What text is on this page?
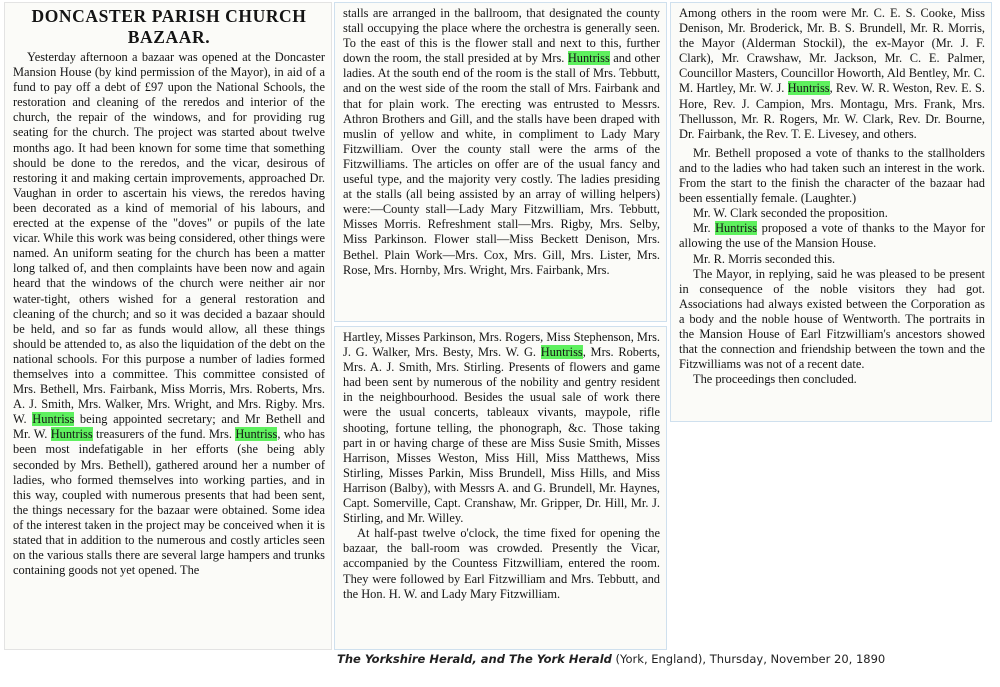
DONCASTER PARISH CHURCH

BAZAAR.

Yesterday afternoon a bazaar was opened at the Doncaster Mansion House (by kind permission of the Mayor), in aid of a fund to pay off a debt of £97 upon the National Schools, the restoration and cleaning of the reredos and interior of the church, the repair of the windows, and for providing rug seating for the church. The project was started about twelve months ago. It had been known for some time that something should be done to the reredos, and the vicar, desirous of restoring it and making certain improvements, approached Dr. Vaughan in order to ascertain his views, the reredos having been decorated as a kind of memorial of his labours, and erected at the expense of the "doves" or pupils of the late vicar. While this work was being considered, other things were named. An uniform seating for the church has been a matter long talked of, and then complaints have been now and again heard that the windows of the church were neither air nor water-tight, others wished for a general restoration and cleaning of the church; and so it was decided a bazaar should be held, and so far as funds would allow, all these things should be attended to, as also the liquidation of the debt on the national schools. For this purpose a number of ladies formed themselves into a committee. This committee consisted of Mrs. Bethell, Mrs. Fairbank, Miss Morris, Mrs. Roberts, Mrs. A. J. Smith, Mrs. Walker, Mrs. Wright, and Mrs. Rigby. Mrs. W. Huntriss being appointed secretary; and Mr Bethell and Mr. W. Huntriss treasurers of the fund. Mrs. Huntriss, who has been most indefatigable in her efforts (she being ably seconded by Mrs. Bethell), gathered around her a number of ladies, who formed themselves into working parties, and in this way, coupled with numerous presents that had been sent, the things necessary for the bazaar were obtained. Some idea of the interest taken in the project may be conceived when it is stated that in addition to the numerous and costly articles seen on the various stalls there are several large hampers and trunks containing goods not yet opened. The

stalls are arranged in the ballroom, that designated the county stall occupying the place where the orchestra is generally seen. To the east of this is the flower stall and next to this, further down the room, the stall presided at by Mrs. Huntriss and other ladies. At the south end of the room is the stall of Mrs. Tebbutt, and on the west side of the room the stall of Mrs. Fairbank and that for plain work. The erecting was entrusted to Messrs. Athron Brothers and Gill, and the stalls have been draped with muslin of yellow and white, in compliment to Lady Mary Fitzwilliam. Over the county stall were the arms of the Fitzwilliams. The articles on offer are of the usual fancy and useful type, and the majority very costly. The ladies presiding at the stalls (all being assisted by an array of willing helpers) were:—County stall—Lady Mary Fitzwilliam, Mrs. Tebbutt, Misses Morris. Refreshment stall—Mrs. Rigby, Mrs. Selby, Miss Parkinson. Flower stall—Miss Beckett Denison, Mrs. Bethel. Plain Work—Mrs. Cox, Mrs. Gill, Mrs. Lister, Mrs. Rose, Mrs. Hornby, Mrs. Wright, Mrs. Fairbank, Mrs.

Hartley, Misses Parkinson, Mrs. Rogers, Miss Stephenson, Mrs. J. G. Walker, Mrs. Besty, Mrs. W. G. Huntriss, Mrs. Roberts, Mrs. A. J. Smith, Mrs. Stirling. Presents of flowers and game had been sent by numerous of the nobility and gentry resident in the neighbourhood. Besides the usual sale of work there were the usual concerts, tableaux vivants, maypole, rifle shooting, fortune telling, the phonograph, &c. Those taking part in or having charge of these are Miss Susie Smith, Misses Harrison, Misses Weston, Miss Hill, Miss Matthews, Miss Stirling, Misses Parkin, Miss Brundell, Miss Hills, and Miss Harrison (Balby), with Messrs A. and G. Brundell, Mr. Haynes, Capt. Somerville, Capt. Cranshaw, Mr. Gripper, Dr. Hill, Mr. J. Stirling, and Mr. Willey.

At half-past twelve o'clock, the time fixed for opening the bazaar, the ball-room was crowded. Presently the Vicar, accompanied by the Countess Fitzwilliam, entered the room. They were followed by Earl Fitzwilliam and Mrs. Tebbutt, and the Hon. H. W. and Lady Mary Fitzwilliam.

Among others in the room were Mr. C. E. S. Cooke, Miss Denison, Mr. Broderick, Mr. B. S. Brundell, Mr. R. Morris, the Mayor (Alderman Stockil), the ex-Mayor (Mr. J. F. Clark), Mr. Crawshaw, Mr. Jackson, Mr. C. E. Palmer, Councillor Masters, Councillor Howorth, Ald Bentley, Mr. C. M. Hartley, Mr. W. J. Huntriss, Rev. W. R. Weston, Rev. E. S. Hore, Rev. J. Campion, Mrs. Montagu, Mrs. Frank, Mrs. Thellusson, Mr. R. Rogers, Mr. W. Clark, Rev. Dr. Bourne, Dr. Fairbank, the Rev. T. E. Livesey, and others.

Mr. Bethell proposed a vote of thanks to the stallholders and to the ladies who had taken such an interest in the work. From the start to the finish the character of the bazaar had been essentially female. (Laughter.)

Mr. W. Clark seconded the proposition.

Mr. Huntriss proposed a vote of thanks to the Mayor for allowing the use of the Mansion House.

Mr. R. Morris seconded this.

The Mayor, in replying, said he was pleased to be present in consequence of the noble visitors they had got. Associations had always existed between the Corporation as a body and the noble house of Wentworth. The portraits in the Mansion House of Earl Fitzwilliam's ancestors showed that the connection and friendship between the town and the Fitzwilliams was not of a recent date.

The proceedings then concluded.

The Yorkshire Herald, and The York Herald (York, England), Thursday, November 20, 1890
